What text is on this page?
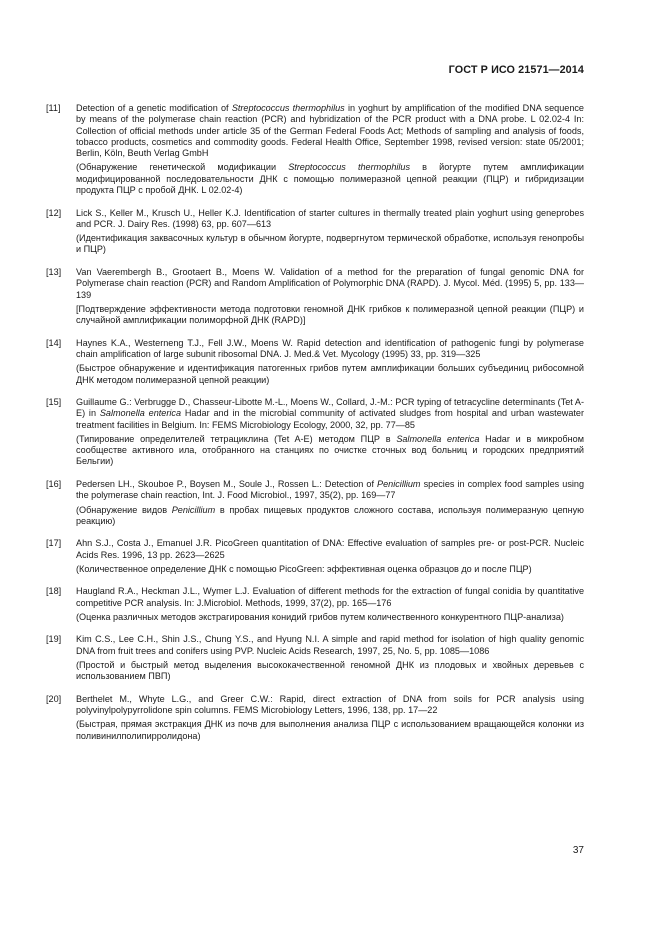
ГОСТ Р ИСО 21571—2014
[11]	Detection of a genetic modification of Streptococcus thermophilus in yoghurt by amplification of the modified DNA sequence by means of the polymerase chain reaction (PCR) and hybridization of the PCR product with a DNA probe. L 02.02-4 In: Collection of official methods under article 35 of the German Federal Foods Act; Methods of sampling and analysis of foods, tobacco products, cosmetics and commodity goods. Federal Health Office, September 1998, revised version: state 05/2001; Berlin, Köln, Beuth Verlag GmbH

(Обнаружение генетической модификации Streptococcus thermophilus в йогурте путем амплификации модифицированной последовательности ДНК с помощью полимеразной цепной реакции (ПЦР) и гибридизации продукта ПЦР с пробой ДНК. L 02.02-4)

[12]	Lick S., Keller M., Krusch U., Heller K.J. Identification of starter cultures in thermally treated plain yoghurt using geneprobes and PCR. J. Dairy Res. (1998) 63, pp. 607—613

(Идентификация заквасочных культур в обычном йогурте, подвергнутом термической обработке, используя генопробы и ПЦР)

[13]	Van Vaerembergh B., Grootaert B., Moens W. Validation of a method for the preparation of fungal genomic DNA for Polymerase chain reaction (PCR) and Random Amplification of Polymorphic DNA (RAPD). J. Mycol. Méd. (1995) 5, pp. 133—139

[Подтверждение эффективности метода подготовки геномной ДНК грибков к полимеразной цепной реакции (ПЦР) и случайной амплификации полиморфной ДНК (RAPD)]

[14]	Haynes K.A., Westerneng T.J., Fell J.W., Moens W. Rapid detection and identification of pathogenic fungi by polymerase chain amplification of large subunit ribosomal DNA. J. Med.& Vet. Mycology (1995) 33, pp. 319—325

(Быстрое обнаружение и идентификация патогенных грибов путем амплификации больших субъединиц рибосомной ДНК методом полимеразной цепной реакции)

[15]	Guillaume G.: Verbrugge D., Chasseur-Libotte M.-L., Moens W., Collard, J.-M.: PCR typing of tetracycline determinants (Tet A-E) in Salmonella enterica Hadar and in the microbial community of activated sludges from hospital and urban wastewater treatment facilities in Belgium. In: FEMS Microbiology Ecology, 2000, 32, pp. 77—85

(Типирование определителей тетрациклина (Tet A-E) методом ПЦР в Salmonella enterica Hadar и в микробном сообществе активного ила, отобранного на станциях по очистке сточных вод больниц и городских предприятий Бельгии)

[16]	Pedersen LH., Skouboe P., Boysen M., Soule J., Rossen L.: Detection of Penicillium species in complex food samples using the polymerase chain reaction, Int. J. Food Microbiol., 1997, 35(2), pp. 169—77

(Обнаружение видов Penicillium в пробах пищевых продуктов сложного состава, используя полимеразную цепную реакцию)

[17]	Ahn S.J., Costa J., Emanuel J.R. PicoGreen quantitation of DNA: Effective evaluation of samples pre- or post-PCR. Nucleic Acids Res. 1996, 13 pp. 2623—2625

(Количественное определение ДНК с помощью PicoGreen: эффективная оценка образцов до и после ПЦР)

[18]	Haugland R.A., Heckman J.L., Wymer L.J. Evaluation of different methods for the extraction of fungal conidia by quantitative competitive PCR analysis. In: J.Microbiol. Methods, 1999, 37(2), pp. 165—176

(Оценка различных методов экстрагирования конидий грибов путем количественного конкурентного ПЦР-анализа)

[19]	Kim C.S., Lee C.H., Shin J.S., Chung Y.S., and Hyung N.I. A simple and rapid method for isolation of high quality genomic DNA from fruit trees and conifers using PVP. Nucleic Acids Research, 1997, 25, No. 5, pp. 1085—1086

(Простой и быстрый метод выделения высококачественной геномной ДНК из плодовых и хвойных деревьев с использованием ПВП)

[20]	Berthelet M., Whyte L.G., and Greer C.W.: Rapid, direct extraction of DNA from soils for PCR analysis using polyvinylpolypyrrolidone spin columns. FEMS Microbiology Letters, 1996, 138, pp. 17—22

(Быстрая, прямая экстракция ДНК из почв для выполнения анализа ПЦР с использованием вращающейся колонки из поливинилполипирролидона)

37
